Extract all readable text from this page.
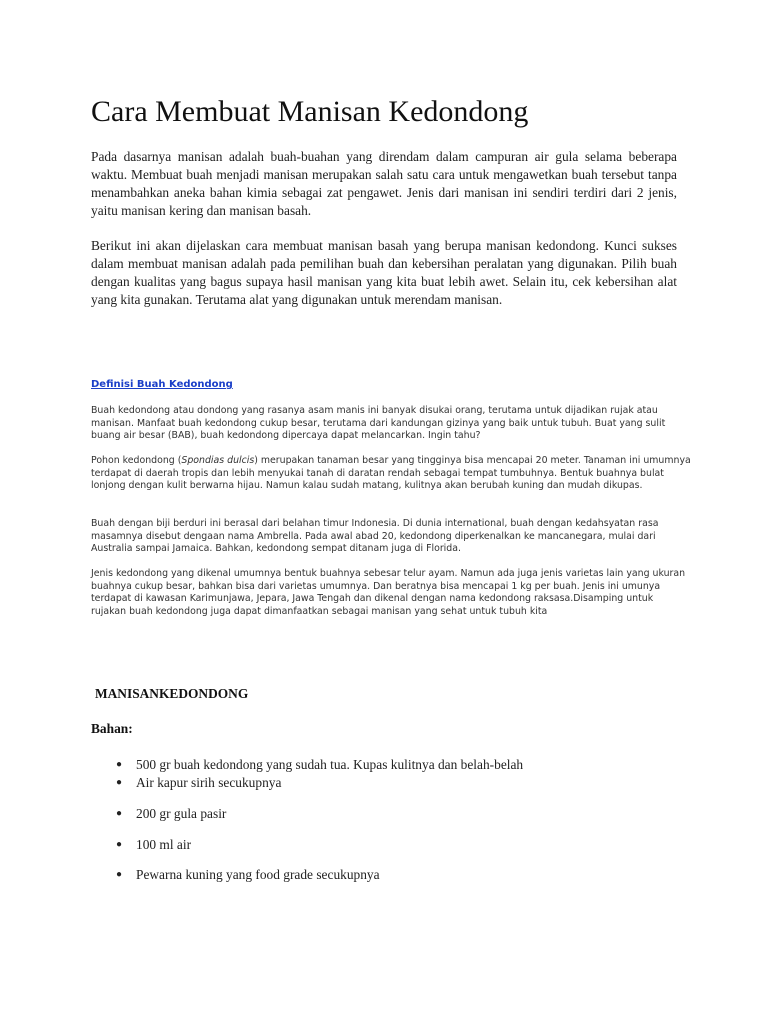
Cara Membuat Manisan Kedondong

Pada dasarnya manisan adalah buah-buahan yang direndam dalam campuran air gula selama beberapa waktu. Membuat buah menjadi manisan merupakan salah satu cara untuk mengawetkan buah tersebut tanpa menambahkan aneka bahan kimia sebagai zat pengawet. Jenis dari manisan ini sendiri terdiri dari 2 jenis, yaitu manisan kering dan manisan basah.

Berikut ini akan dijelaskan cara membuat manisan basah yang berupa manisan kedondong. Kunci sukses dalam membuat manisan adalah pada pemilihan buah dan kebersihan peralatan yang digunakan. Pilih buah dengan kualitas yang bagus supaya hasil manisan yang kita buat lebih awet. Selain itu, cek kebersihan alat yang kita gunakan. Terutama alat yang digunakan untuk merendam manisan.

Definisi Buah Kedondong

Buah kedondong atau dondong yang rasanya asam manis ini banyak disukai orang, terutama untuk dijadikan rujak atau manisan. Manfaat buah kedondong cukup besar, terutama dari kandungan gizinya yang baik untuk tubuh. Buat yang sulit buang air besar (BAB), buah kedondong dipercaya dapat melancarkan. Ingin tahu?

Pohon kedondong (Spondias dulcis) merupakan tanaman besar yang tingginya bisa mencapai 20 meter. Tanaman ini umumnya terdapat di daerah tropis dan lebih menyukai tanah di daratan rendah sebagai tempat tumbuhnya. Bentuk buahnya bulat lonjong dengan kulit berwarna hijau. Namun kalau sudah matang, kulitnya akan berubah kuning dan mudah dikupas.

Buah dengan biji berduri ini berasal dari belahan timur Indonesia. Di dunia international, buah dengan kedahsyatan rasa masamnya disebut dengaan nama Ambrella. Pada awal abad 20, kedondong diperkenalkan ke mancanegara, mulai dari Australia sampai Jamaica. Bahkan, kedondong sempat ditanam juga di Florida.

Jenis kedondong yang dikenal umumnya bentuk buahnya sebesar telur ayam. Namun ada juga jenis varietas lain yang ukuran buahnya cukup besar, bahkan bisa dari varietas umumnya. Dan beratnya bisa mencapai 1 kg per buah. Jenis ini umunya terdapat di kawasan Karimunjawa, Jepara, Jawa Tengah dan dikenal dengan nama kedondong raksasa.Disamping untuk rujakan buah kedondong juga dapat dimanfaatkan sebagai manisan yang sehat untuk tubuh kita

MANISANKEDONDONG
Bahan:
● 500 gr buah kedondong yang sudah tua. Kupas kulitnya dan belah-belah
● Air kapur sirih secukupnya
● 200 gr gula pasir
● 100 ml air
● Pewarna kuning yang food grade secukupnya
